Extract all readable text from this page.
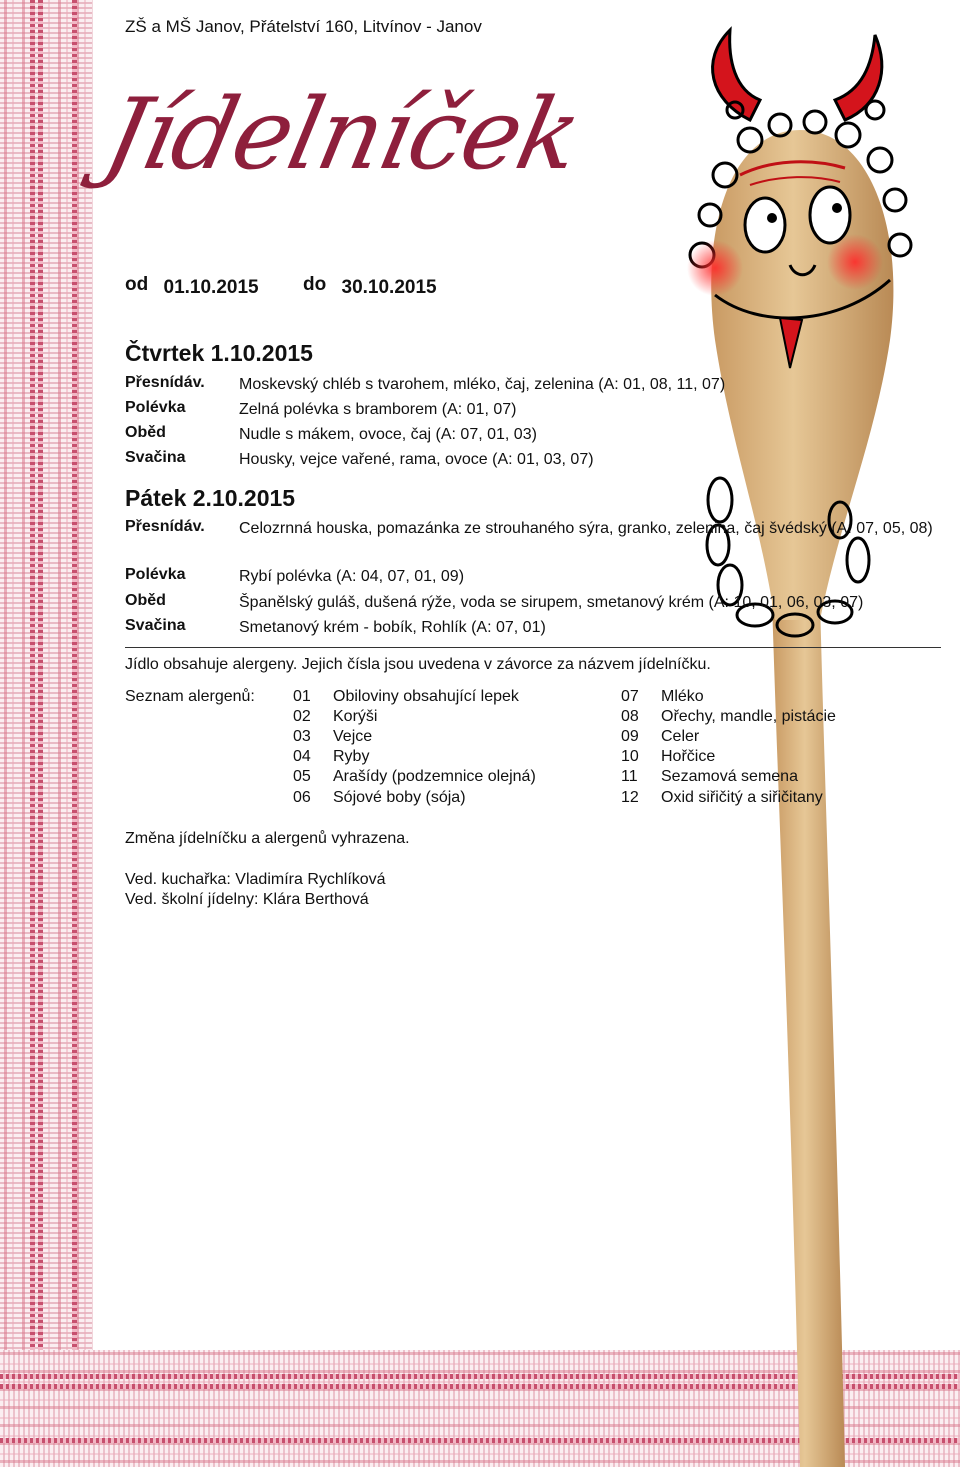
ZŠ a MŠ Janov, Přátelství 160, Litvínov - Janov
Jídelníček
od 01.10.2015 do 30.10.2015
Čtvrtek 1.10.2015
Přesnídáv. Moskevský chléb s tvarohem, mléko, čaj, zelenina (A: 01, 08, 11, 07)
Polévka	Zelná polévka s bramborem (A: 01, 07)
Oběd	Nudle s mákem, ovoce, čaj (A: 07, 01, 03)
Svačina	Housky, vejce vařené, rama, ovoce (A: 01, 03, 07)
Pátek 2.10.2015
Přesnídáv. Celozrnná houska, pomazánka ze strouhaného sýra, granko, zelenina, čaj švédský (A: 07, 05, 08)
Polévka	Rybí polévka (A: 04, 07, 01, 09)
Oběd	Španělský guláš, dušená rýže, voda se sirupem, smetanový krém (A: 10, 01, 06, 03, 07)
Svačina	Smetanový krém - bobík, Rohlík (A: 07, 01)
Jídlo obsahuje alergeny. Jejich čísla jsou uvedena v závorce za názvem jídelníčku.
Seznam alergenů: 01 Obiloviny obsahující lepek
02 Korýši
03 Vejce
04 Ryby
05 Arašídy (podzemnice olejná)
06 Sójové boby (sója)
07 Mléko
08 Ořechy, mandle, pistácie
09 Celer
10 Hořčice
11 Sezamová semena
12 Oxid siřičitý a siřičitany
Změna jídelníčku a alergenů vyhrazena.
Ved. kuchařka: Vladimíra Rychlíková
Ved. školní jídelny: Klára Berthová
